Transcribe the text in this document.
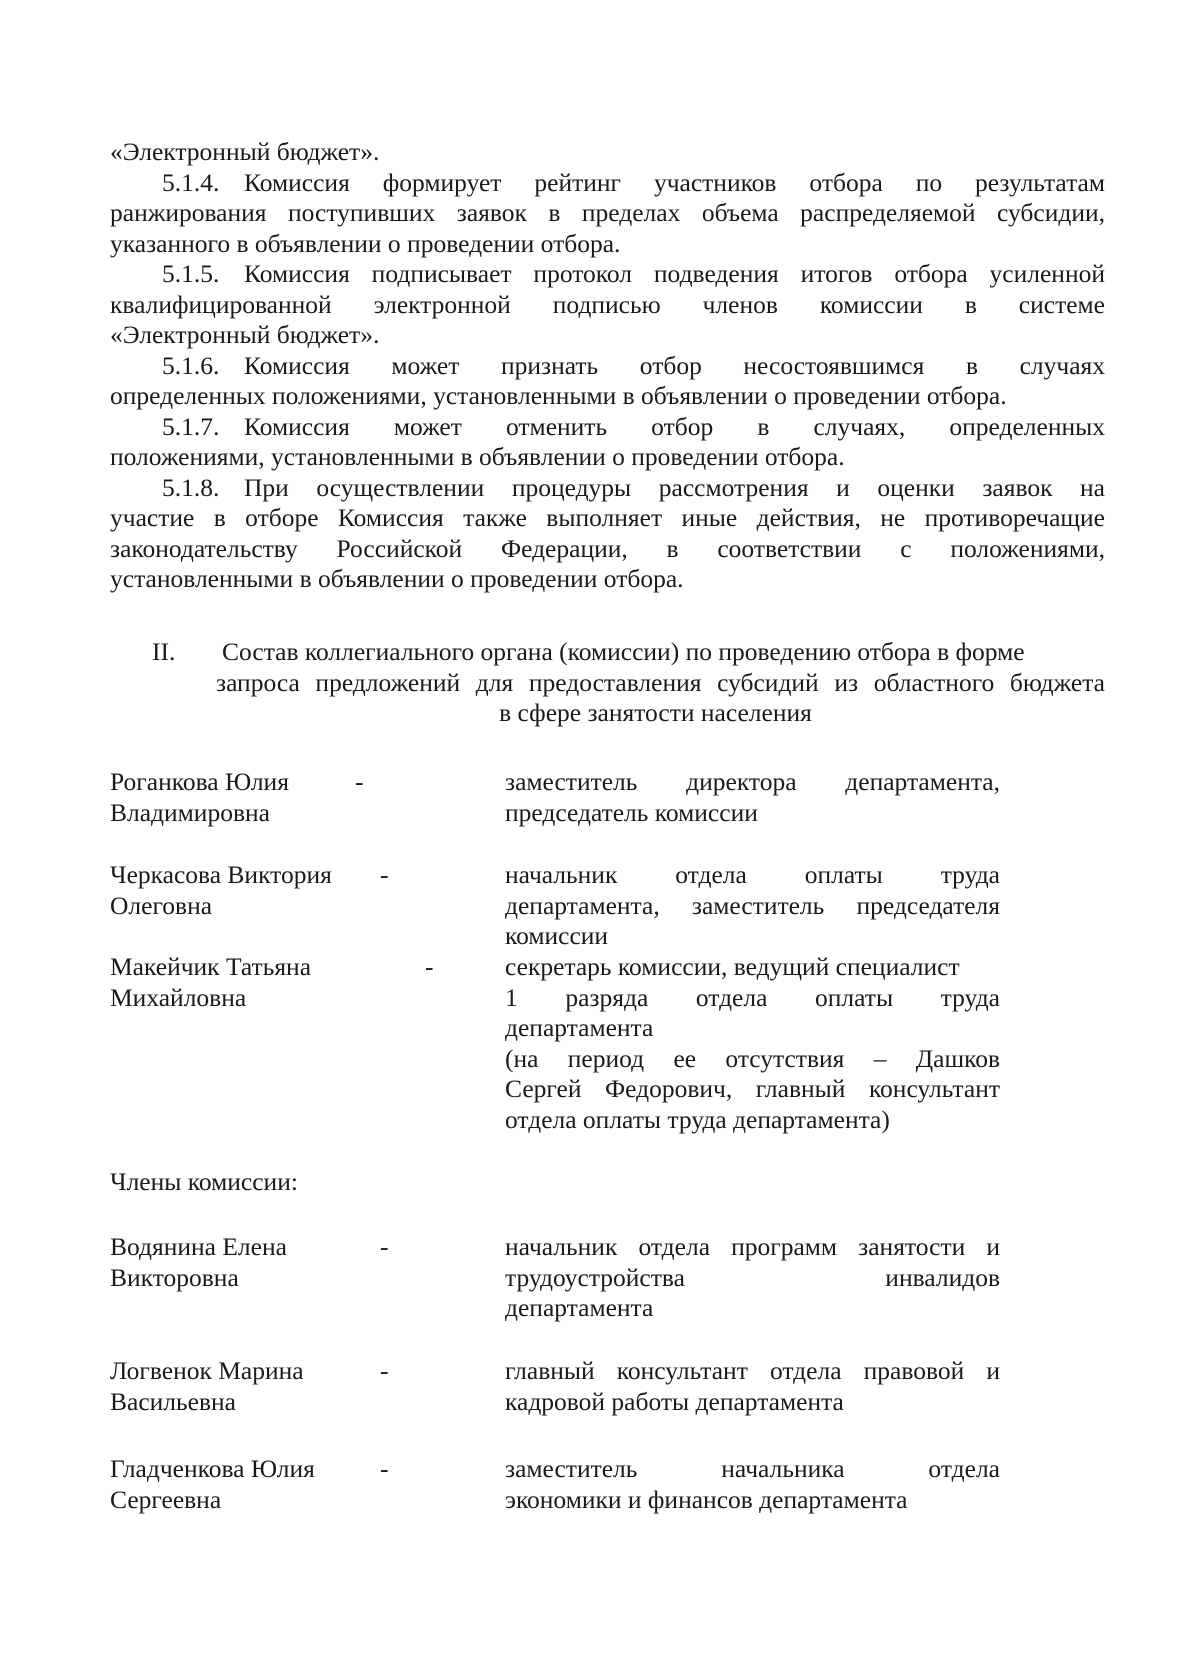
«Электронный бюджет».
5.1.4. Комиссия формирует рейтинг участников отбора по результатам
ранжирования поступивших заявок в пределах объема распределяемой субсидии,
указанного в объявлении о проведении отбора.
5.1.5. Комиссия подписывает протокол подведения итогов отбора усиленной
квалифицированной электронной подписью членов комиссии в системе
«Электронный бюджет».
5.1.6. Комиссия может признать отбор несостоявшимся в случаях
определенных положениями, установленными в объявлении о проведении отбора.
5.1.7. Комиссия может отменить отбор в случаях, определенных
положениями, установленными в объявлении о проведении отбора.
5.1.8. При осуществлении процедуры рассмотрения и оценки заявок на
участие в отборе Комиссия также выполняет иные действия, не противоречащие
законодательству Российской Федерации, в соответствии с положениями,
установленными в объявлении о проведении отбора.
II. Состав коллегиального органа (комиссии) по проведению отбора в форме
запроса предложений для предоставления субсидий из областного бюджета
в сфере занятости населения
Роганкова Юлия
Владимировна
-	заместитель директора департамента,
председатель комиссии
Черкасова Виктория
Олеговна
-	начальник отдела оплаты труда
департамента, заместитель председателя
комиссии
Макейчик Татьяна
Михайловна
-	секретарь комиссии, ведущий специалист
1 разряда отдела оплаты труда
департамента
(на период ее отсутствия – Дашков
Сергей Федорович, главный консультант
отдела оплаты труда департамента)
Члены комиссии:
Водянина Елена
Викторовна
-	начальник отдела программ занятости и
трудоустройства инвалидов
департамента
Логвенок Марина
Васильевна
-	главный консультант отдела правовой и
кадровой работы департамента
Гладченкова Юлия
Сергеевна
-	заместитель начальника отдела
экономики и финансов департамента
